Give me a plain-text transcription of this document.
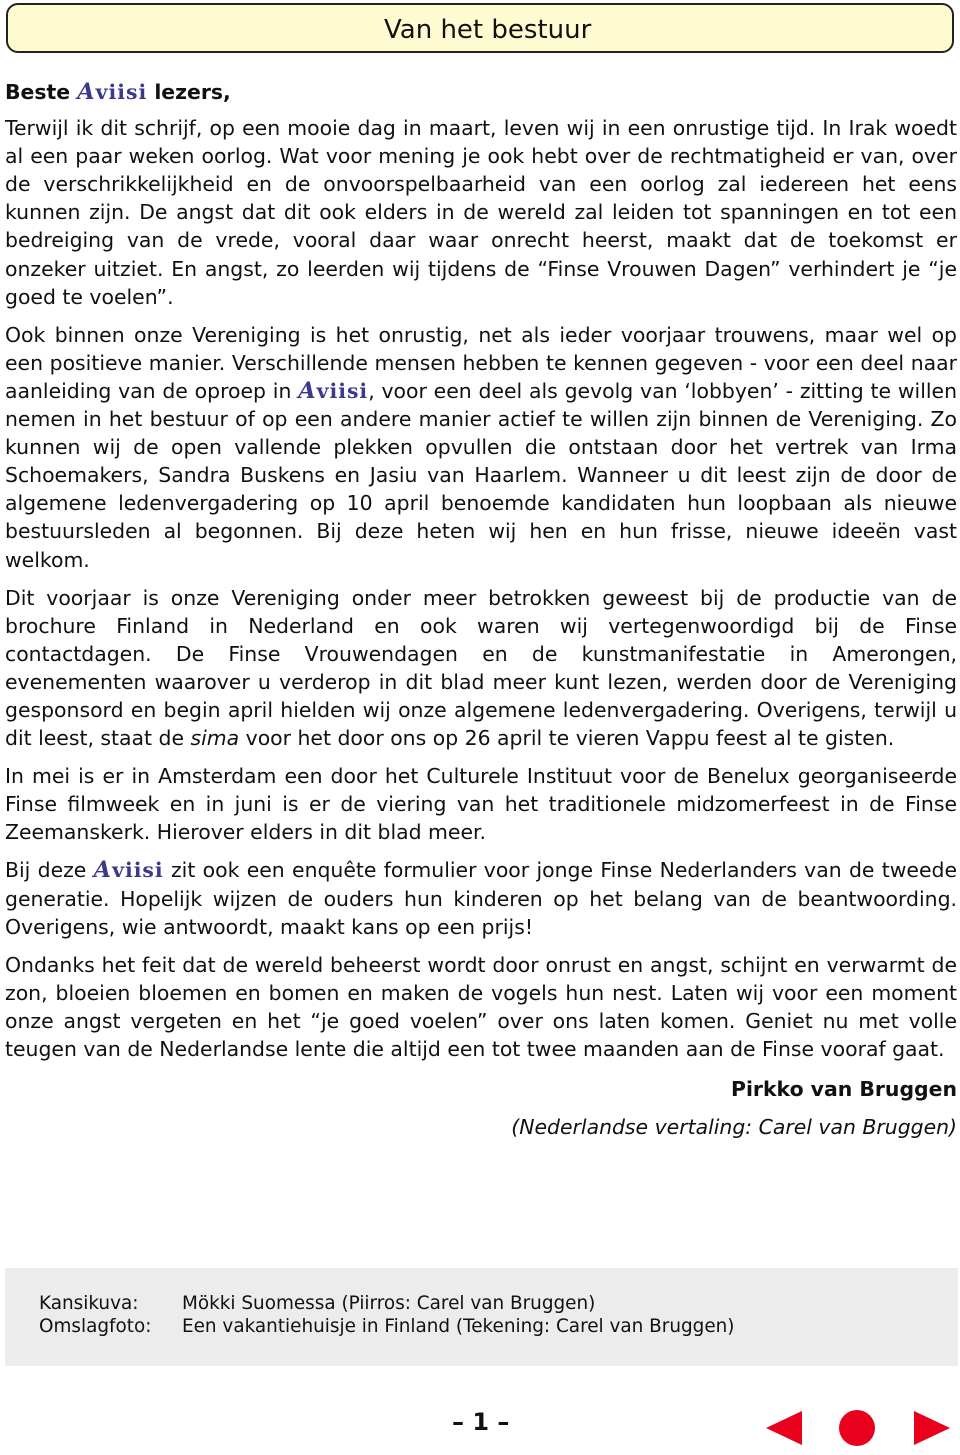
Van het bestuur
Beste Aviisi lezers,

Terwijl ik dit schrijf, op een mooie dag in maart, leven wij in een onrustige tijd. In Irak woedt al een paar weken oorlog. Wat voor mening je ook hebt over de rechtmatigheid er van, over de verschrikkelijkheid en de onvoorspelbaarheid van een oorlog zal iedereen het eens kunnen zijn. De angst dat dit ook elders in de wereld zal leiden tot spanningen en tot een bedreiging van de vrede, vooral daar waar onrecht heerst, maakt dat de toekomst er onzeker uitziet. En angst, zo leerden wij tijdens de “Finse Vrouwen Dagen” verhindert je “je goed te voelen”.

Ook binnen onze Vereniging is het onrustig, net als ieder voorjaar trouwens, maar wel op een positieve manier. Verschillende mensen hebben te kennen gegeven - voor een deel naar aanleiding van de oproep in Aviisi, voor een deel als gevolg van ‘lobbyen’ - zitting te willen nemen in het bestuur of op een andere manier actief te willen zijn binnen de Vereniging. Zo kunnen wij de open vallende plekken opvullen die ontstaan door het vertrek van Irma Schoemakers, Sandra Buskens en Jasiu van Haarlem. Wanneer u dit leest zijn de door de algemene ledenvergadering op 10 april benoemde kandidaten hun loopbaan als nieuwe bestuursleden al begonnen. Bij deze heten wij hen en hun frisse, nieuwe ideeën vast welkom.

Dit voorjaar is onze Vereniging onder meer betrokken geweest bij de productie van de brochure Finland in Nederland en ook waren wij vertegenwoordigd bij de Finse contactdagen. De Finse Vrouwendagen en de kunstmanifestatie in Amerongen, evenementen waarover u verderop in dit blad meer kunt lezen, werden door de Vereniging gesponsord en begin april hielden wij onze algemene ledenvergadering. Overigens, terwijl u dit leest, staat de sima voor het door ons op 26 april te vieren Vappu feest al te gisten.

In mei is er in Amsterdam een door het Culturele Instituut voor de Benelux georganiseerde Finse filmweek en in juni is er de viering van het traditionele midzomerfeest in de Finse Zeemanskerk. Hierover elders in dit blad meer.

Bij deze Aviisi zit ook een enquête formulier voor jonge Finse Nederlanders van de tweede generatie. Hopelijk wijzen de ouders hun kinderen op het belang van de beantwoording. Overigens, wie antwoordt, maakt kans op een prijs!

Ondanks het feit dat de wereld beheerst wordt door onrust en angst, schijnt en verwarmt de zon, bloeien bloemen en bomen en maken de vogels hun nest. Laten wij voor een moment onze angst vergeten en het “je goed voelen” over ons laten komen. Geniet nu met volle teugen van de Nederlandse lente die altijd een tot twee maanden aan de Finse vooraf gaat.

Pirkko van Bruggen
(Nederlandse vertaling: Carel van Bruggen)
Kansikuva: Mökki Suomessa (Piirros: Carel van Bruggen)
Omslagfoto: Een vakantiehuisje in Finland (Tekening: Carel van Bruggen)
– 1 –
